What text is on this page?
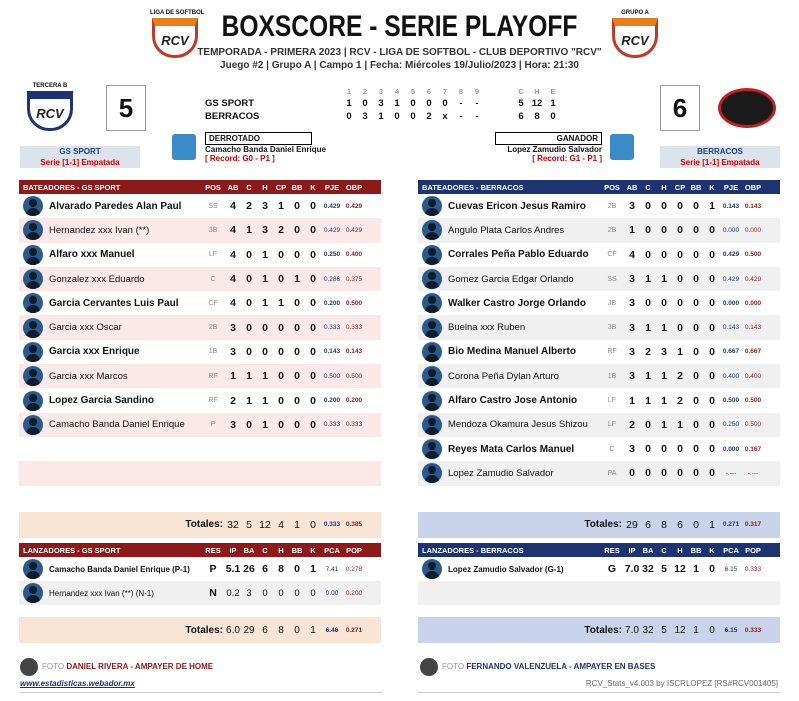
LIGA DE SOFTBOL
RCV
GRUPO A
RCV
BOXSCORE - SERIE PLAYOFF
TEMPORADA - PRIMERA 2023 | RCV - LIGA DE SOFTBOL - CLUB DEPORTIVO "RCV"
Juego #2 | Grupo A | Campo 1 | Fecha: Miércoles 19/Julio/2023 | Hora: 21:30
TERCERA B
RCV	5	6
1 2 3 4 5 6 7 8 9	C H E
GS SPORT	1 0 3 1 0 0 0 - -	5 12 1
BERRACOS	0 3 1 0 0 2 x - -	6 8 0
GS SPORT
Serie [1-1] Empatada
BERRACOS
Serie [1-1] Empatada
DERROTADO
Camacho Banda Daniel Enrique
[ Record: G0 - P1 ]
GANADOR
Lopez Zamudio Salvador
[ Record: G1 - P1 ]
BATEADORES - GS SPORT	POS AB	C	H	CP BB	K	PJE OBP
Alvarado Paredes Alan Paul	SS	4 2 3 1 0 0	0.429 0.429
Hernandez xxx Ivan (**)	3B	4 1 3 2 0 0	0.429 0.429
Alfaro xxx Manuel	LF	4 0 1 0 0 0	0.250 0.400
Gonzalez xxx Eduardo	C	4 0 1 0 1 0	0.286 0.375
Garcia Cervantes Luis Paul	CF	4 0 1 1 0 0	0.200 0.500
Garcia xxx Oscar	2B	3 0 0 0 0 0	0.333 0.333
Garcia xxx Enrique	1B	3 0 0 0 0 0	0.143 0.143
Garcia xxx Marcos	RF	1 1 1 0 0 0	0.500 0.500
Lopez Garcia Sandino	RF	2 1 1 0 0 0	0.200 0.200
Camacho Banda Daniel Enrique	P	3 0 1 0 0 0	0.333 0.333
Totales: 32 5 12 4 1 0	0.333 0.385
BATEADORES - BERRACOS	POS AB	C	H	CP BB	K	PJE OBP
Cuevas Ericon Jesus Ramiro	2B	3 0 0 0 0 1	0.143 0.143
Angulo Plata Carlos Andres	2B	1 0 0 0 0 0	0.000 0.000
Corrales Peña Pablo Eduardo	CF	4 0 0 0 0 0	0.429 0.500
Gomez Garcia Edgar Orlando	SS	3 1 1 0 0 0	0.429 0.429
Walker Castro Jorge Orlando	JB	3 0 0 0 0 0	0.000 0.000
Buelna xxx Ruben	3B	3 1 1 0 0 0	0.143 0.143
Bio Medina Manuel Alberto	RF	3 2 3 1 0 0	0.667 0.667
Corona Peña Dylan Arturo	1B	3 1 1 2 0 0	0.400 0.400
Alfaro Castro Jose Antonio	LF	1 1 1 2 0 0	0.500 0.500
Mendoza Okamura Jesus Shizou	LF	2 0 1 1 0 0	0.250 0.500
Reyes Mata Carlos Manuel	C	3 0 0 0 0 0	0.000 0.167
Lopez Zamudio Salvador	PA	0 0 0 0 0 0	-.---	-.---
Totales: 29 6 8 6 0 1	0.271 0.317
LANZADORES - GS SPORT	RES	IP BA	C	H	BB	K	PCA POP
Camacho Banda Daniel Enrique (P-1)	P 5.1 26 6 8 0 1	7.41	0.278
Hernandez xxx Ivan (**) (N-1)	N	0.2 3	0	0	0	0	0.00	0.200
Totales: 6.0 29 6	8	0	1	6.46	0.271
LANZADORES - BERRACOS	RES	IP BA	C	H	BB	K	PCA POP
Lopez Zamudio Salvador (G-1)	G 7.0 32 5 12 1 0	6.15	0.333
Totales: 7.0 32 5 12 1	0	6.15	0.333
FOTO DANIEL RIVERA - AMPAYER DE HOME	FOTO FERNANDO VALENZUELA - AMPAYER EN BASES
www.estadisticas.webador.mx	RCV_Stats_v4.003 by ISCRLOPEZ [RS#RCV001405]
